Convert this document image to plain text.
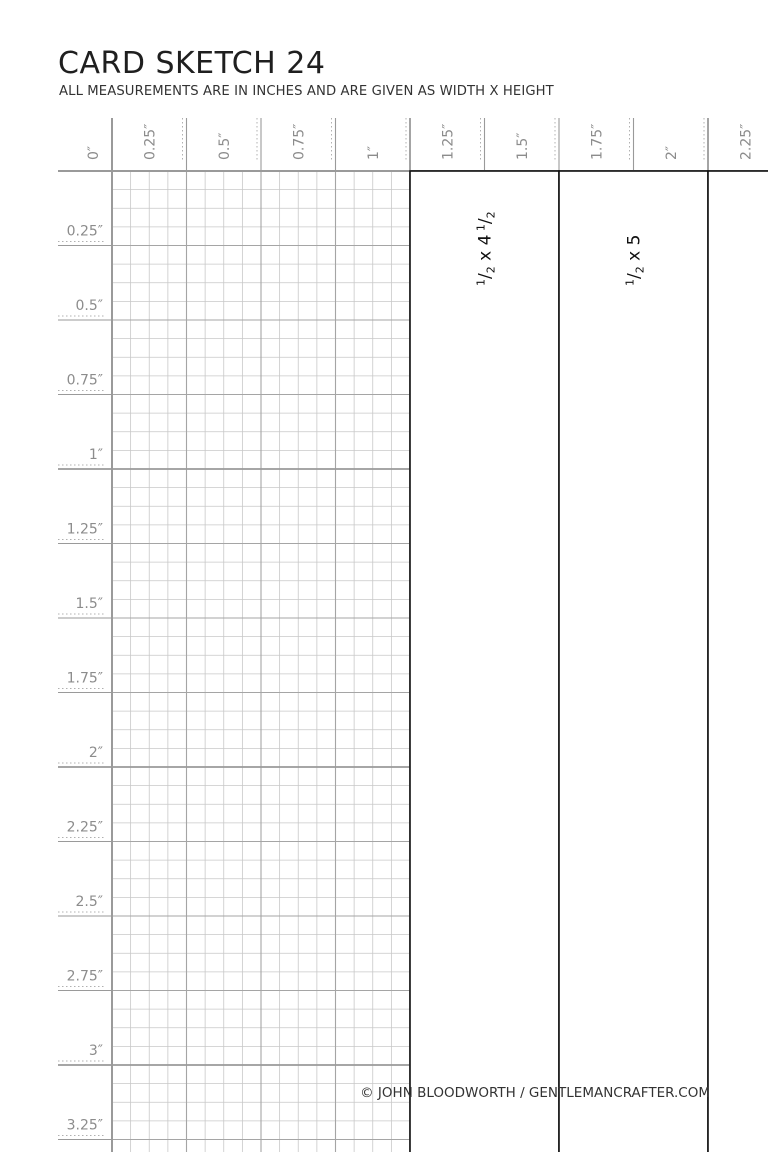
CARD SKETCH 24

ALL MEASUREMENTS ARE IN INCHES AND ARE GIVEN AS WIDTH X HEIGHT

0″	0.25″	0.5″	0.75″	1″	1.25″	1.5″	1.75″	2″	2.25″
0.25″
0.5″
0.75″
1″
1.25″
1.5″
1.75″
2″
2.25″
2.5″
2.75″
3″
3.25″
$^1/_2$ x 4 $^1/_2$
$^1/_2$ x 5
© JOHN BLOODWORTH / GENTLEMANCRAFTER.COM
